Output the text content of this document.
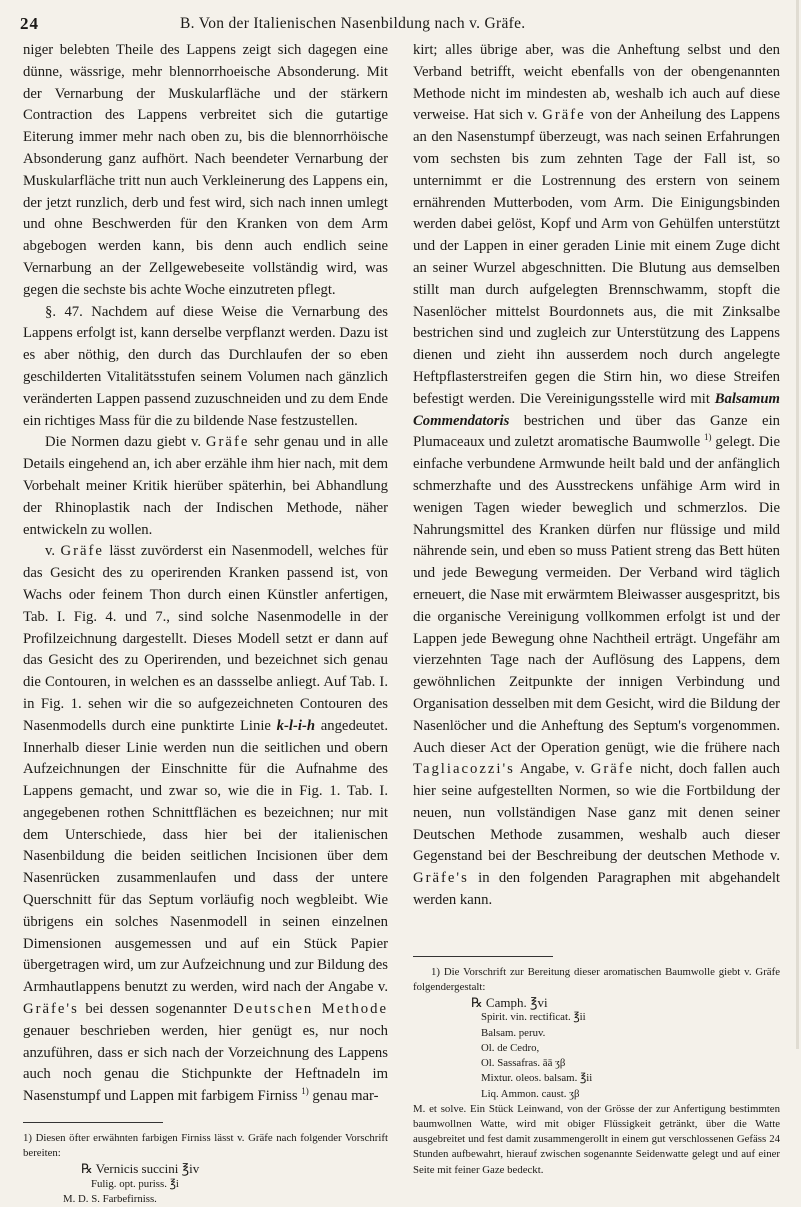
24	B. Von der Italienischen Nasenbildung nach v. Gräfe.

niger belebten Theile des Lappens zeigt sich dagegen eine dünne, wässrige, mehr blennorrhoeische Absonderung. Mit der Vernarbung der Muskularfläche und der stärkern Contraction des Lappens verbreitet sich die gutartige Eiterung immer mehr nach oben zu, bis die blennorrhöische Absonderung ganz aufhört. Nach beendeter Vernarbung der Muskularfläche tritt nun auch Verkleinerung des Lappens ein, der jetzt runzlich, derb und fest wird, sich nach innen umlegt und ohne Beschwerden für den Kranken von dem Arm abgebogen werden kann, bis denn auch endlich seine Vernarbung an der Zellgewebeseite vollständig wird, was gegen die sechste bis achte Woche einzutreten pflegt.

§. 47. Nachdem auf diese Weise die Vernarbung des Lappens erfolgt ist, kann derselbe verpflanzt werden. Dazu ist es aber nöthig, den durch das Durchlaufen der so eben geschilderten Vitalitätsstufen seinem Volumen nach gänzlich veränderten Lappen passend zuzuschneiden und zu dem Ende ein richtiges Mass für die zu bildende Nase festzustellen.

Die Normen dazu giebt v. Gräfe sehr genau und in alle Details eingehend an, ich aber erzähle ihm hier nach, mit dem Vorbehalt meiner Kritik hierüber späterhin, bei Abhandlung der Rhinoplastik nach der Indischen Methode, näher entwickeln zu wollen.

v. Gräfe lässt zuvörderst ein Nasenmodell, welches für das Gesicht des zu operirenden Kranken passend ist, von Wachs oder feinem Thon durch einen Künstler anfertigen, Tab. I. Fig. 4. und 7., sind solche Nasenmodelle in der Profilzeichnung dargestellt. Dieses Modell setzt er dann auf das Gesicht des zu Operirenden, und bezeichnet sich genau die Contouren, in welchen es an dassselbe anliegt. Auf Tab. I. in Fig. 1. sehen wir die so aufgezeichneten Contouren des Nasenmodells durch eine punktirte Linie k-l-i-h angedeutet. Innerhalb dieser Linie werden nun die seitlichen und obern Aufzeichnungen der Einschnitte für die Aufnahme des Lappens gemacht, und zwar so, wie die in Fig. 1. Tab. I. angegebenen rothen Schnittflächen es bezeichnen; nur mit dem Unterschiede, dass hier bei der italienischen Nasenbildung die beiden seitlichen Incisionen über dem Nasenrücken zusammenlaufen und dass der untere Querschnitt für das Septum vorläufig noch wegbleibt. Wie übrigens ein solches Nasenmodell in seinen einzelnen Dimensionen ausgemessen und auf ein Stück Papier übergetragen wird, um zur Aufzeichnung und zur Bildung des Armhautlappens benutzt zu werden, wird nach der Angabe v. Gräfe's bei dessen sogenannter Deutschen Methode genauer beschrieben werden, hier genügt es, nur noch anzuführen, dass er sich nach der Vorzeichnung des Lappens auch noch genau die Stichpunkte der Heftnadeln im Nasenstumpf und Lappen mit farbigem Firniss $^{1)}$ genau mar-

1) Diesen öfter erwähnten farbigen Firniss lässt v. Gräfe nach folgender Vorschrift bereiten:
℞ Vernicis succini ℥iv
Fulig. opt. puriss. ℥i
M. D. S. Farbefirniss.

kirt; alles übrige aber, was die Anheftung selbst und den Verband betrifft, weicht ebenfalls von der obengenannten Methode nicht im mindesten ab, weshalb ich auch auf diese verweise. Hat sich v. Gräfe von der Anheilung des Lappens an den Nasenstumpf überzeugt, was nach seinen Erfahrungen vom sechsten bis zum zehnten Tage der Fall ist, so unternimmt er die Lostrennung des erstern von seinem ernährenden Mutterboden, vom Arm. Die Einigungsbinden werden dabei gelöst, Kopf und Arm von Gehülfen unterstützt und der Lappen in einer geraden Linie mit einem Zuge dicht an seiner Wurzel abgeschnitten. Die Blutung aus demselben stillt man durch aufgelegten Brennschwamm, stopft die Nasenlöcher mittelst Bourdonnets aus, die mit Zinksalbe bestrichen sind und zugleich zur Unterstützung des Lappens dienen und zieht ihn ausserdem noch durch angelegte Heftpflasterstreifen gegen die Stirn hin, wo diese Streifen befestigt werden. Die Vereinigungsstelle wird mit Balsamum Commendatoris bestrichen und über das Ganze ein Plumaceaux und zuletzt aromatische Baumwolle $^{1)}$ gelegt. Die einfache verbundene Armwunde heilt bald und der anfänglich schmerzhafte und des Ausstreckens unfähige Arm wird in wenigen Tagen wieder beweglich und schmerzlos. Die Nahrungsmittel des Kranken dürfen nur flüssige und mild nährende sein, und eben so muss Patient streng das Bett hüten und jede Bewegung vermeiden. Der Verband wird täglich erneuert, die Nase mit erwärmtem Bleiwasser ausgespritzt, bis die organische Vereinigung vollkommen erfolgt ist und der Lappen jede Bewegung ohne Nachtheil erträgt. Ungefähr am vierzehnten Tage nach der Auflösung des Lappens, dem gewöhnlichen Zeitpunkte der innigen Verbindung und Organisation desselben mit dem Gesicht, wird die Bildung der Nasenlöcher und die Anheftung des Septum's vorgenommen. Auch dieser Act der Operation genügt, wie die frühere nach Tagliacozzi's Angabe, v. Gräfe nicht, doch fallen auch hier seine aufgestellten Normen, so wie die Fortbildung der neuen, nun vollständigen Nase ganz mit denen seiner Deutschen Methode zusammen, weshalb auch dieser Gegenstand bei der Beschreibung der deutschen Methode v. Gräfe's in den folgenden Paragraphen mit abgehandelt werden kann.

1) Die Vorschrift zur Bereitung dieser aromatischen Baumwolle giebt v. Gräfe folgendergestalt:
℞ Camph. ℥vi
Spirit. vin. rectificat. ℥ii
Balsam. peruv.
Ol. de Cedro,
Ol. Sassafras. āā ʒβ
Mixtur. oleos. balsam. ℥ii
Liq. Ammon. caust. ʒβ
M. et solve. Ein Stück Leinwand, von der Grösse der zur Anfertigung bestimmten baumwollnen Watte, wird mit obiger Flüssigkeit getränkt, über die Watte ausgebreitet und fest damit zusammengerollt in einem gut verschlossenen Gefäss 24 Stunden aufbewahrt, hierauf zwischen sogenannte Seidenwatte gelegt und auf einer Seite mit feiner Gaze bedeckt.
